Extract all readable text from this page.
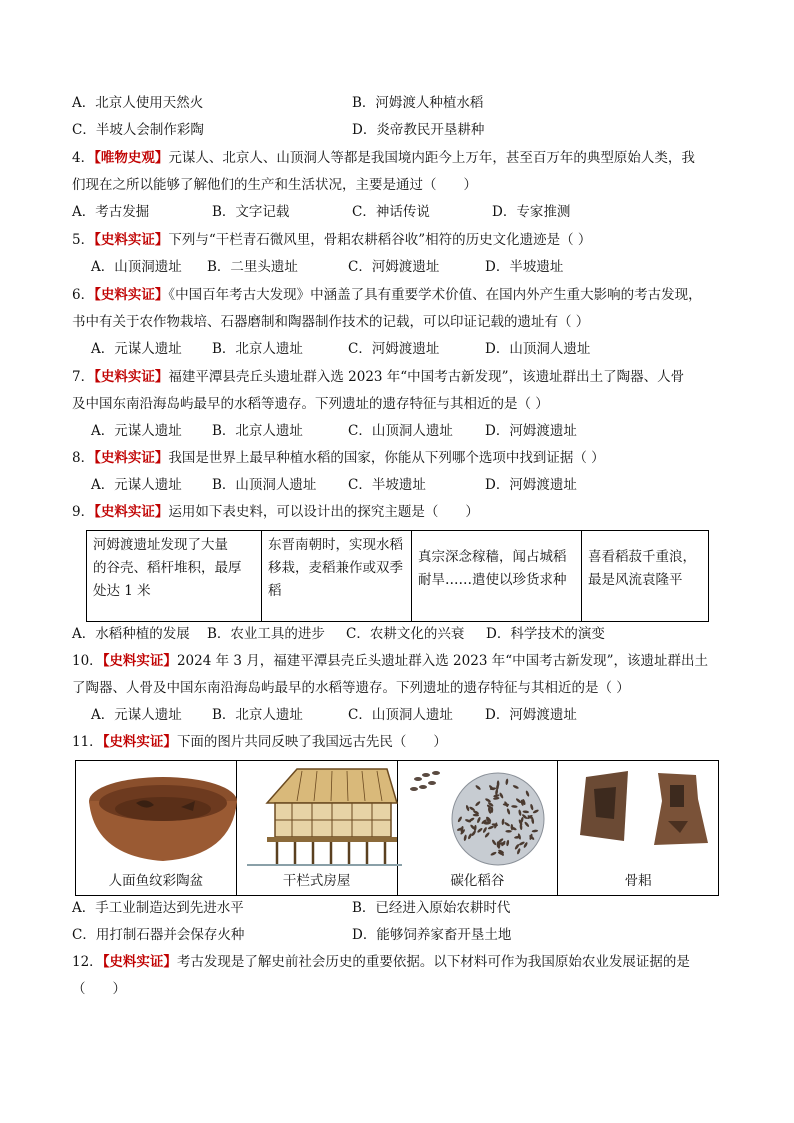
A．北京人使用天然火	B．河姆渡人种植水稻
C．半坡人会制作彩陶	D．炎帝教民开垦耕种
4．【唯物史观】元谋人、北京人、山顶洞人等都是我国境内距今上万年，甚至百万年的典型原始人类，我
们现在之所以能够了解他们的生产和生活状况，主要是通过（　　）
A．考古发掘	B．文字记载	C．神话传说	D．专家推测
5．【史料实证】下列与“干栏青石微风里，骨耜农耕稻谷收”相符的历史文化遗迹是（ ）
A．山顶洞遗址 B．二里头遗址	C．河姆渡遗址	D．半坡遗址
6．【史料实证】《中国百年考古大发现》中涵盖了具有重要学术价值、在国内外产生重大影响的考古发现，
书中有关于农作物栽培、石器磨制和陶器制作技术的记载，可以印证记载的遗址有（ ）
A．元谋人遗址 B．北京人遗址	C．河姆渡遗址	D．山顶洞人遗址
7．【史料实证】福建平潭县壳丘头遗址群入选 2023 年“中国考古新发现”，该遗址群出土了陶器、人骨
及中国东南沿海岛屿最早的水稻等遗存。下列遗址的遗存特征与其相近的是（ ）
A．元谋人遗址 B．北京人遗址	C．山顶洞人遗址 D．河姆渡遗址
8．【史料实证】我国是世界上最早种植水稻的国家，你能从下列哪个选项中找到证据（ ）
A．元谋人遗址 B．山顶洞人遗址 C．半坡遗址	D．河姆渡遗址
9．【史料实证】运用如下表史料，可以设计出的探究主题是（　　）
河姆渡遗址发现了大量
的谷壳、稻杆堆积，最厚
处达 1 米

东晋南朝时，实现水稻
移栽，麦稻兼作或双季
稻

真宗深念稼穑，闻占城稻
耐旱……遣使以珍货求种

喜看稻菽千重浪，
最是风流袁隆平
A．水稻种植的发展 B．农业工具的进步 C．农耕文化的兴衰 D．科学技术的演变
10．【史料实证】2024 年 3 月，福建平潭县壳丘头遗址群入选 2023 年“中国考古新发现”，该遗址群出土
了陶器、人骨及中国东南沿海岛屿最早的水稻等遗存。下列遗址的遗存特征与其相近的是（ ）
A．元谋人遗址 B．北京人遗址	C．山顶洞人遗址 D．河姆渡遗址
11．【史料实证】下面的图片共同反映了我国远古先民（　　）
人面鱼纹彩陶盆	干栏式房屋	碳化稻谷	骨耜
A．手工业制造达到先进水平	B．已经进入原始农耕时代
C．用打制石器并会保存火种	D．能够饲养家畜开垦土地
12．【史料实证】考古发现是了解史前社会历史的重要依据。以下材料可作为我国原始农业发展证据的是
（　　）
